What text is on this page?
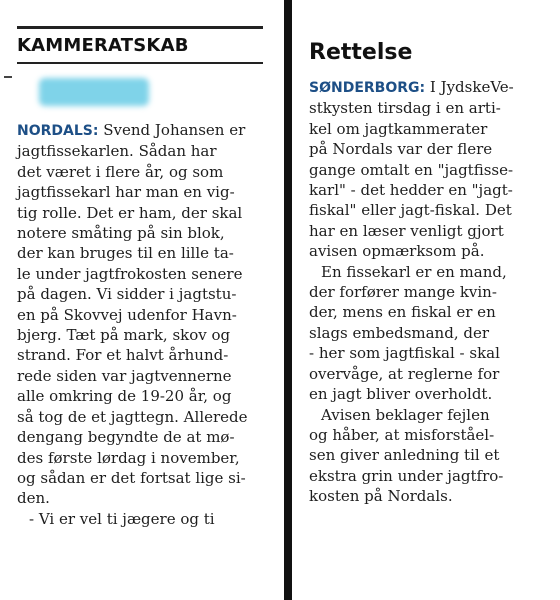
KAMMERATSKAB
NORDALS: Svend Johansen er
jagtfissekarlen. Sådan har
det været i flere år, og som
jagtfissekarl har man en vig-
tig rolle. Det er ham, der skal
notere småting på sin blok,
der kan bruges til en lille ta-
le under jagtfrokosten senere
på dagen. Vi sidder i jagtstu-
en på Skovvej udenfor Havn-
bjerg. Tæt på mark, skov og
strand. For et halvt århund-
rede siden var jagtvennerne
alle omkring de 19-20 år, og
så tog de et jagttegn. Allerede
dengang begyndte de at mø-
des første lørdag i november,
og sådan er det fortsat lige si-
den.
- Vi er vel ti jægere og ti
Rettelse
SØNDERBORG: I JydskeVe-
stkysten tirsdag i en arti-
kel om jagtkammerater
på Nordals var der flere
gange omtalt en "jagtfisse-
karl" - det hedder en "jagt-
fiskal" eller jagt-fiskal. Det
har en læser venligt gjort
avisen opmærksom på.
En fissekarl er en mand,
der forfører mange kvin-
der, mens en fiskal er en
slags embedsmand, der
- her som jagtfiskal - skal
overvåge, at reglerne for
en jagt bliver overholdt.
Avisen beklager fejlen
og håber, at misforståel-
sen giver anledning til et
ekstra grin under jagtfro-
kosten på Nordals.
